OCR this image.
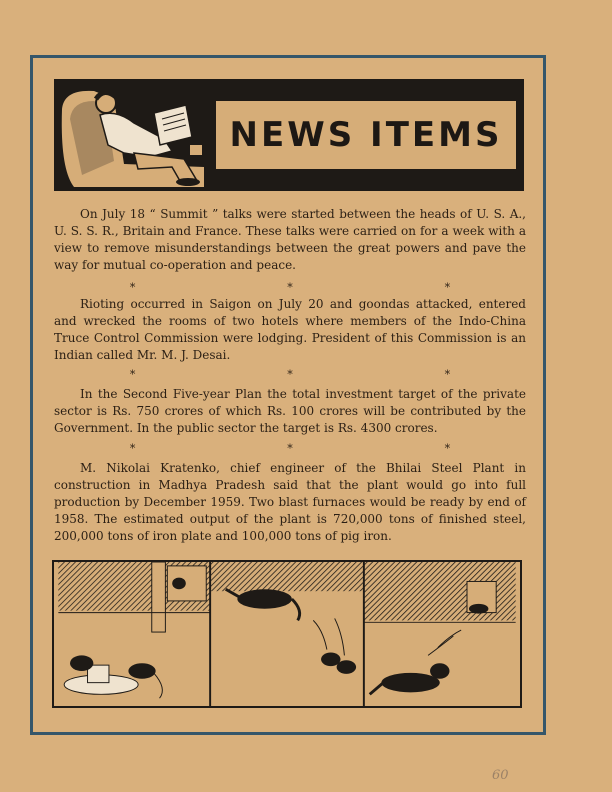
NEWS ITEMS

On July 18 “ Summit ” talks were started between the heads of U. S. A., U. S. S. R., Britain and France. These talks were carried on for a week with a view to remove misunderstandings between the great powers and pave the way for mutual co-operation and peace.

*	*	*

Rioting occurred in Saigon on July 20 and goondas attacked, entered and wrecked the rooms of two hotels where members of the Indo-China Truce Control Commission were lodging. President of this Commission is an Indian called Mr. M. J. Desai.

*	*	*

In the Second Five-year Plan the total investment target of the private sector is Rs. 750 crores of which Rs. 100 crores will be contributed by the Government. In the public sector the target is Rs. 4300 crores.

*	*	*

M. Nikolai Kratenko, chief engineer of the Bhilai Steel Plant in construction in Madhya Pradesh said that the plant would go into full production by December 1959. Two blast furnaces would be ready by end of 1958. The estimated output of the plant is 720,000 tons of finished steel, 200,000 tons of iron plate and 100,000 tons of pig iron.

60
